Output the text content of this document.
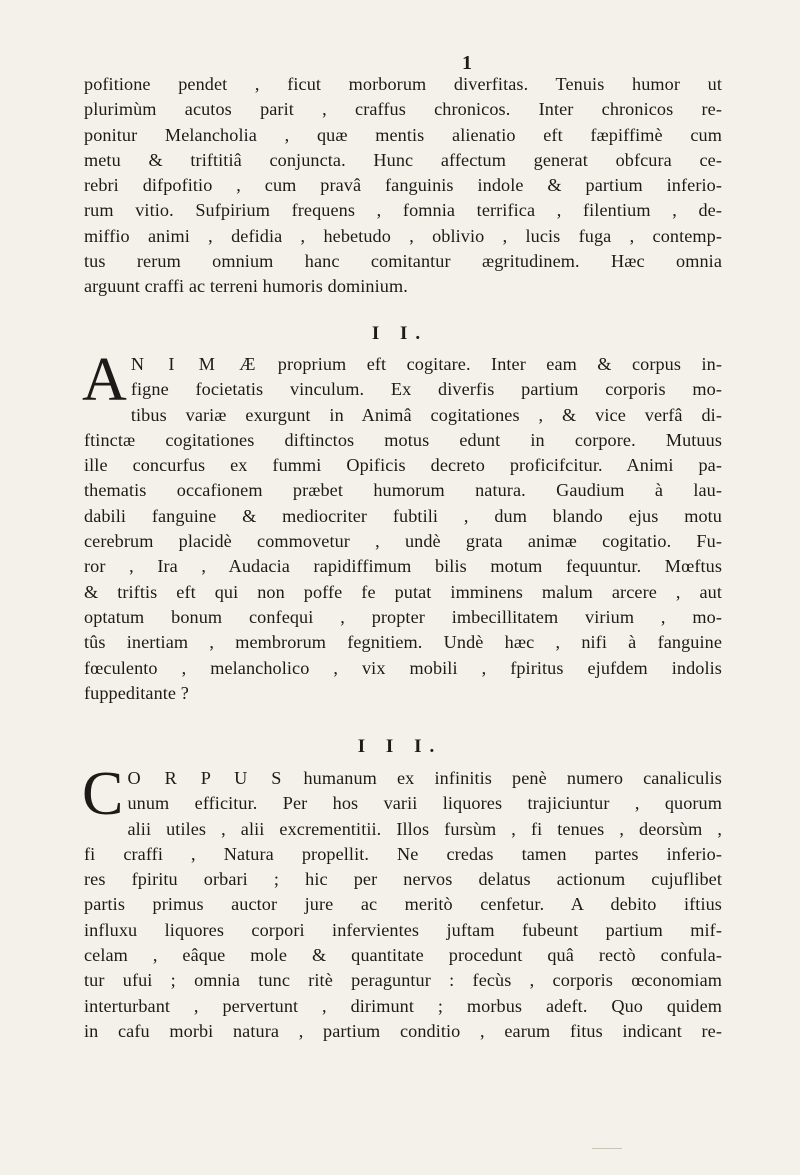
1

pofitione pendet , ficut morborum diverfitas. Tenuis humor ut
plurimùm acutos parit , craffus chronicos. Inter chronicos re-
ponitur Melancholia , quæ mentis alienatio eft fæpiffimè cum
metu & triftitiâ conjuncta. Hunc affectum generat obfcura ce-
rebri difpofitio , cum pravâ fanguinis indole & partium inferio-
rum vitio. Sufpirium frequens , fomnia terrifica , filentium , de-
miffio animi , defidia , hebetudo , oblivio , lucis fuga , contemp-
tus rerum omnium hanc comitantur ægritudinem. Hæc omnia
arguunt craffi ac terreni humoris dominium.

I I.

A N I M Æ proprium eft cogitare. Inter eam & corpus in-
figne focietatis vinculum. Ex diverfis partium corporis mo-
tibus variæ exurgunt in Animâ cogitationes , & vice verfâ di-
ftinctæ cogitationes diftinctos motus edunt in corpore. Mutuus
ille concurfus ex fummi Opificis decreto proficifcitur. Animi pa-
thematis occafionem præbet humorum natura. Gaudium à lau-
dabili fanguine & mediocriter fubtili , dum blando ejus motu
cerebrum placidè commovetur , undè grata animæ cogitatio. Fu-
ror , Ira , Audacia rapidiffimum bilis motum fequuntur. Mœftus
& triftis eft qui non poffe fe putat imminens malum arcere , aut
optatum bonum confequi , propter imbecillitatem virium , mo-
tûs inertiam , membrorum fegnitiem. Undè hæc , nifi à fanguine
fœculento , melancholico , vix mobili , fpiritus ejufdem indolis
fuppeditante ?

I I I.

C O R P U S humanum ex infinitis penè numero canaliculis
unum efficitur. Per hos varii liquores trajiciuntur , quorum
alii utiles , alii excrementitii. Illos fursùm , fi tenues , deorsùm ,
fi craffi , Natura propellit. Ne credas tamen partes inferio-
res fpiritu orbari ; hic per nervos delatus actionum cujuflibet
partis primus auctor jure ac meritò cenfetur. A debito iftius
influxu liquores corpori infervientes juftam fubeunt partium mif-
celam , eâque mole & quantitate procedunt quâ rectò confula-
tur ufui ; omnia tunc ritè peraguntur : fecùs , corporis œconomiam
interturbant , pervertunt , dirimunt ; morbus adeft. Quo quidem
in cafu morbi natura , partium conditio , earum fitus indicant re-
